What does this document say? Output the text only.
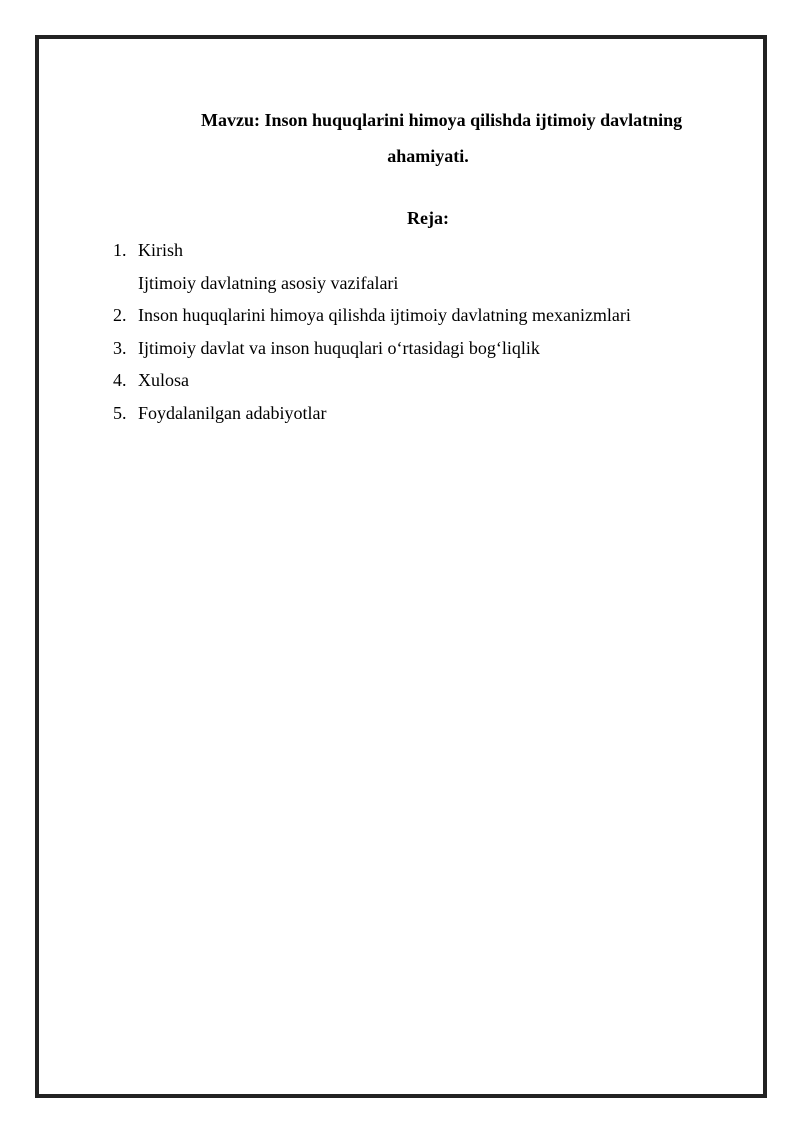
Mavzu: Inson huquqlarini himoya qilishda ijtimoiy davlatning
ahamiyati.
Reja:
1. Kirish
Ijtimoiy davlatning asosiy vazifalari
2. Inson huquqlarini himoya qilishda ijtimoiy davlatning mexanizmlari
3. Ijtimoiy davlat va inson huquqlari o‘rtasidagi bog‘liqlik
4. Xulosa
5. Foydalanilgan adabiyotlar
